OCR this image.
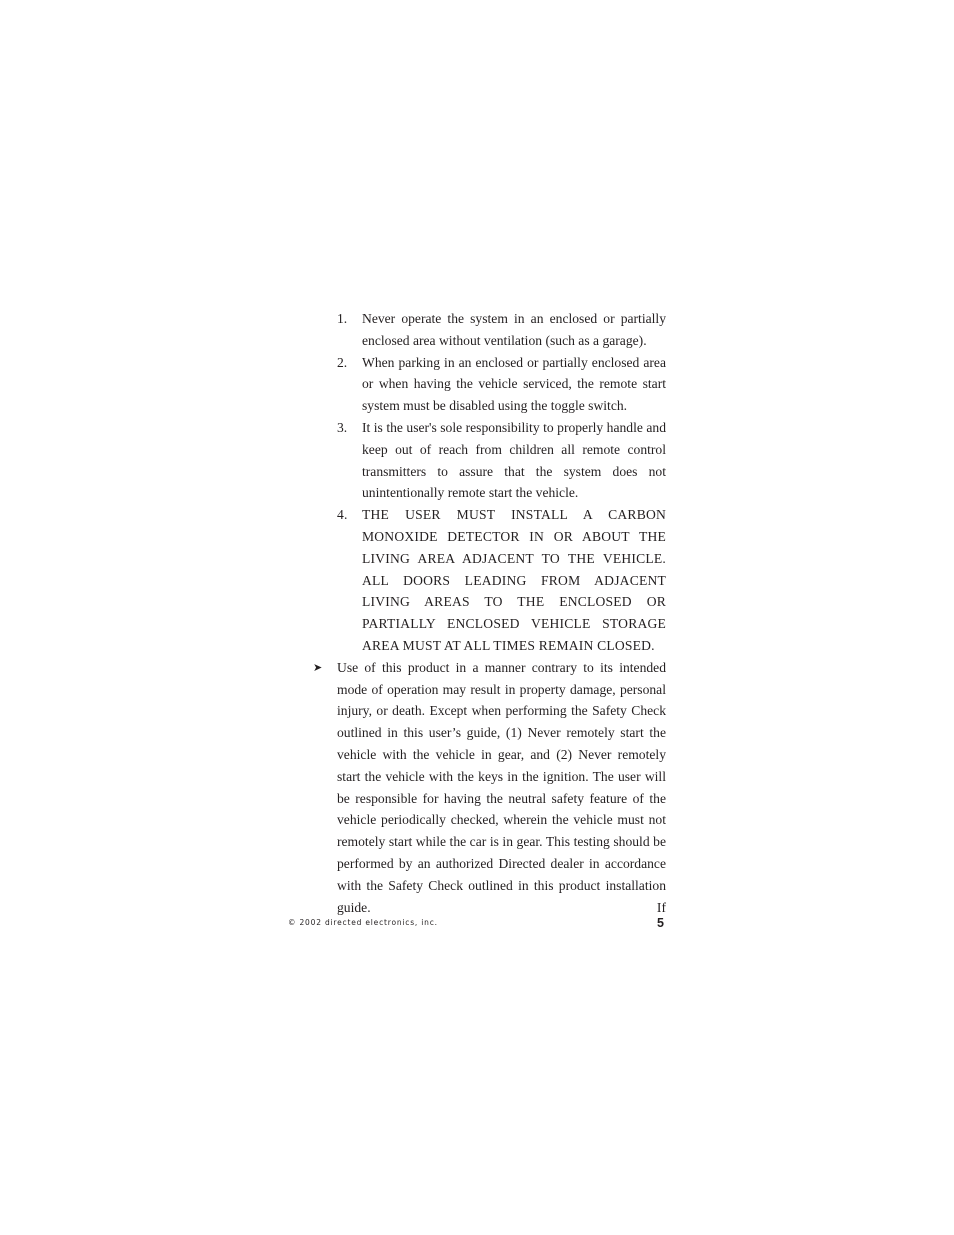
1. Never operate the system in an enclosed or partially enclosed area without ventilation (such as a garage).
2. When parking in an enclosed or partially enclosed area or when having the vehicle serviced, the remote start system must be disabled using the toggle switch.
3. It is the user's sole responsibility to properly handle and keep out of reach from children all remote control transmitters to assure that the system does not unintentionally remote start the vehicle.
4. THE USER MUST INSTALL A CARBON MONOXIDE DETECTOR IN OR ABOUT THE LIVING AREA ADJACENT TO THE VEHICLE. ALL DOORS LEADING FROM ADJACENT LIVING AREAS TO THE ENCLOSED OR PARTIALLY ENCLOSED VEHICLE STORAGE AREA MUST AT ALL TIMES REMAIN CLOSED.

➤ Use of this product in a manner contrary to its intended mode of operation may result in property damage, personal injury, or death. Except when performing the Safety Check outlined in this user’s guide, (1) Never remotely start the vehicle with the vehicle in gear, and (2) Never remotely start the vehicle with the keys in the ignition. The user will be responsible for having the neutral safety feature of the vehicle periodically checked, wherein the vehicle must not remotely start while the car is in gear. This testing should be performed by an authorized Directed dealer in accordance with the Safety Check outlined in this product installation guide. If

© 2002 directed electronics, inc.	5
